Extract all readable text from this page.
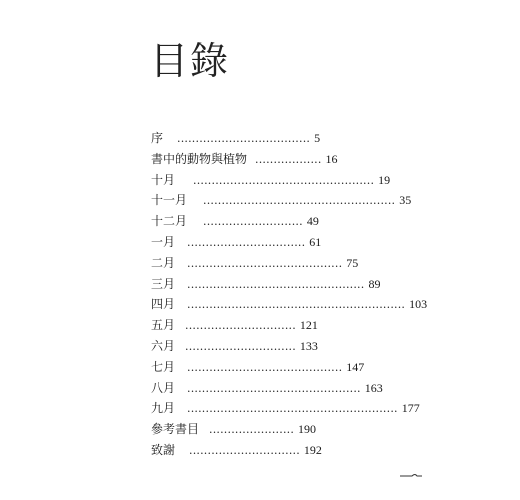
目錄
序 .................................... 5
書中的動物與植物 .................. 16
十月 ................................................. 19
十一月 .................................................... 35
十二月 ........................... 49
一月 ................................ 61
二月 .......................................... 75
三月 ................................................ 89
四月 ........................................................... 103
五月 .............................. 121
六月 .............................. 133
七月 .......................................... 147
八月 ............................................... 163
九月 ......................................................... 177
參考書目 ....................... 190
致謝 .............................. 192
